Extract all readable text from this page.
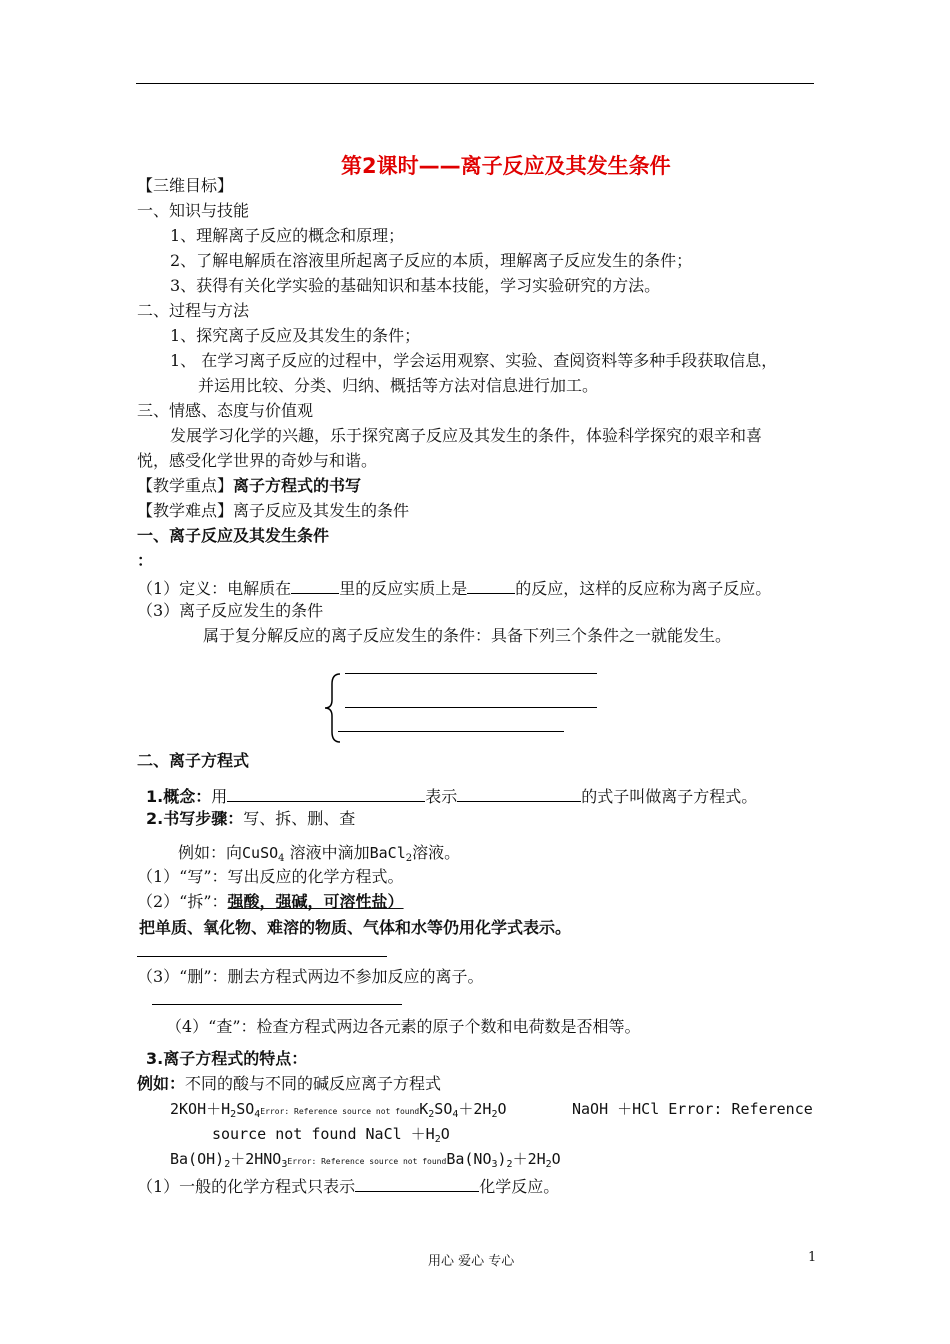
第2课时——离子反应及其发生条件
【三维目标】
一、知识与技能
1、理解离子反应的概念和原理；
2、了解电解质在溶液里所起离子反应的本质，理解离子反应发生的条件；
3、获得有关化学实验的基础知识和基本技能，学习实验研究的方法。
二、过程与方法
1、探究离子反应及其发生的条件；
1、 在学习离子反应的过程中，学会运用观察、实验、查阅资料等多种手段获取信息，
并运用比较、分类、归纳、概括等方法对信息进行加工。
三、情感、态度与价值观
发展学习化学的兴趣，乐于探究离子反应及其发生的条件，体验科学探究的艰辛和喜
悦，感受化学世界的奇妙与和谐。
【教学重点】离子方程式的书写
【教学难点】离子反应及其发生的条件
一、离子反应及其发生条件
：
（1）定义：电解质在	里的反应实质上是	的反应，这样的反应称为离子反应。
（3）离子反应发生的条件
属于复分解反应的离子反应发生的条件：具备下列三个条件之一就能发生。
二、离子方程式
1.概念：用	表示	的式子叫做离子方程式。
2.书写步骤：写、拆、删、查
例如：向CuSO$_4$ 溶液中滴加BaCl$_2$溶液。
（1）“写”：写出反应的化学方程式。
（2）“拆”：强酸，强碱，可溶性盐）
把单质、氧化物、难溶的物质、气体和水等仍用化学式表示。
（3）“删”：删去方程式两边不参加反应的离子。
（4）“查”：检查方程式两边各元素的原子个数和电荷数是否相等。
3.离子方程式的特点：
例如：不同的酸与不同的碱反应离子方程式
$2KOH+H_2SO_4Error$: Reference source not $foundK_2SO_4+2H_2O$	NaOH ＋HCl Error: Reference
source not found NaCl $+H_2O$
$Ba(OH)_2+2HNO_3Error$: Reference source not $foundBa(NO_3)_2+2H_2O$
（1）一般的化学方程式只表示	化学反应。
用心 爱心 专心	1
